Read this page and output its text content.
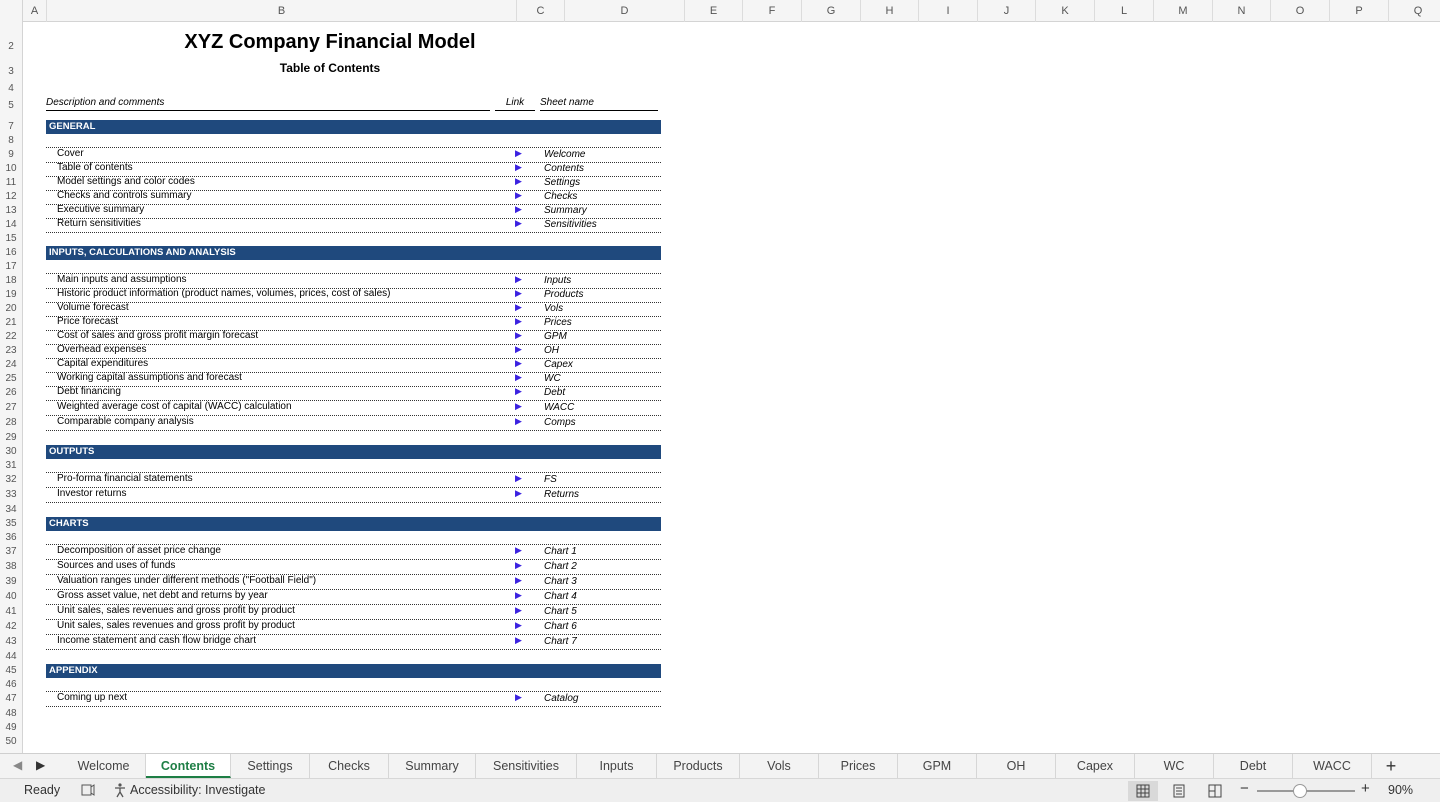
A	B	C	D	E	F	G	H	I	J	K	L	M	N	O	P	Q
2
3
4
5
7
8
9
10
11
12
13
14
15
16
17
18
19
20
21
22
23
24
25
26
27
28
29
30
31
32
33
34
35
36
37
38
39
40
41
42
43
44
45
46
47
48
49
50
XYZ Company Financial Model
Table of Contents
Description and comments	Link	Sheet name
GENERAL
Cover	▶ Welcome
Table of contents	▶ Contents
Model settings and color codes	▶ Settings
Checks and controls summary	▶ Checks
Executive summary	▶ Summary
Return sensitivities	▶ Sensitivities
INPUTS, CALCULATIONS AND ANALYSIS
Main inputs and assumptions	▶ Inputs
Historic product information (product names, volumes, prices, cost of sales)	▶ Products
Volume forecast	▶ Vols
Price forecast	▶ Prices
Cost of sales and gross profit margin forecast	▶ GPM
Overhead expenses	▶ OH
Capital expenditures	▶ Capex
Working capital assumptions and forecast	▶ WC
Debt financing	▶ Debt
Weighted average cost of capital (WACC) calculation	▶ WACC
Comparable company analysis	▶ Comps
OUTPUTS
Pro-forma financial statements	▶ FS
Investor returns	▶ Returns
CHARTS
Decomposition of asset price change	▶ Chart 1
Sources and uses of funds	▶ Chart 2
Valuation ranges under different methods ("Football Field")	▶ Chart 3
Gross asset value, net debt and returns by year	▶ Chart 4
Unit sales, sales revenues and gross profit by product	▶ Chart 5
Unit sales, sales revenues and gross profit by product	▶ Chart 6
Income statement and cash flow bridge chart	▶ Chart 7
APPENDIX
Coming up next	▶ Catalog
◀ ▶	Welcome	Contents	Settings	Checks	Summary	Sensitivities	Inputs	Products	Vols	Prices	GPM	OH	Capex	WC	Debt	WACC	+
Ready	Accessibility: Investigate	−	+ 90%
